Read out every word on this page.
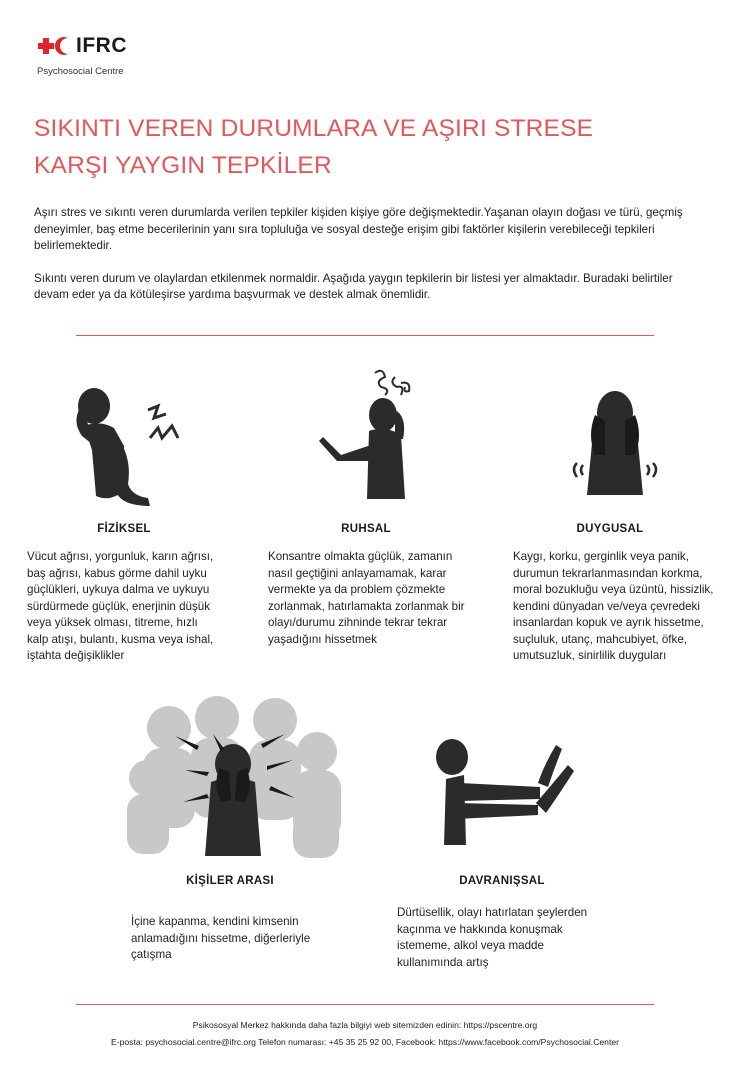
IFRC
Psychosocial Centre
SIKINTI VEREN DURUMLARA VE AŞIRI STRESE
KARŞI YAYGIN TEPKİLER

Aşırı stres ve sıkıntı veren durumlarda verilen tepkiler kişiden kişiye göre değişmektedir.Yaşanan olayın doğası ve türü, geçmiş deneyimler, baş etme becerilerinin yanı sıra topluluğa ve sosyal desteğe erişim gibi faktörler kişilerin verebileceği tepkileri belirlemektedir.

Sıkıntı veren durum ve olaylardan etkilenmek normaldir. Aşağıda yaygın tepkilerin bir listesi yer almaktadır. Buradaki belirtiler devam eder ya da kötüleşirse yardıma başvurmak ve destek almak önemlidir.

FİZİKSEL	RUHSAL	DUYGUSAL
Vücut ağrısı, yorgunluk, karın ağrısı, baş ağrısı, kabus görme dahil uyku güçlükleri, uykuya dalma ve uykuyu sürdürmede güçlük, enerjinin düşük veya yüksek olması, titreme, hızlı kalp atışı, bulantı, kusma veya ishal, iştahta değişiklikler
Konsantre olmakta güçlük, zamanın nasıl geçtiğini anlayamamak, karar vermekte ya da problem çözmekte zorlanmak, hatırlamakta zorlanmak bir olayı/durumu zihninde tekrar tekrar yaşadığını hissetmek
Kaygı, korku, gerginlik veya panik, durumun tekrarlanmasından korkma, moral bozukluğu veya üzüntü, hissizlik, kendini dünyadan ve/veya çevredeki insanlardan kopuk ve ayrık hissetme, suçluluk, utanç, mahcubiyet, öfke, umutsuzluk, sinirlilik duyguları
KİŞİLER ARASI	DAVRANIŞSAL
İçine kapanma, kendini kimsenin anlamadığını hissetme, diğerleriyle çatışma
Dürtüsellik, olayı hatırlatan şeylerden kaçınma ve hakkında konuşmak istememe, alkol veya madde kullanımında artış
Psikososyal Merkez hakkında daha fazla bilgiyi web sitemizden edinin: https://pscentre.org
E-posta: psychosocial.centre@ifrc.org Telefon numarası: +45 35 25 92 00, Facebook: https://www.facebook.com/Psychosocial.Center
